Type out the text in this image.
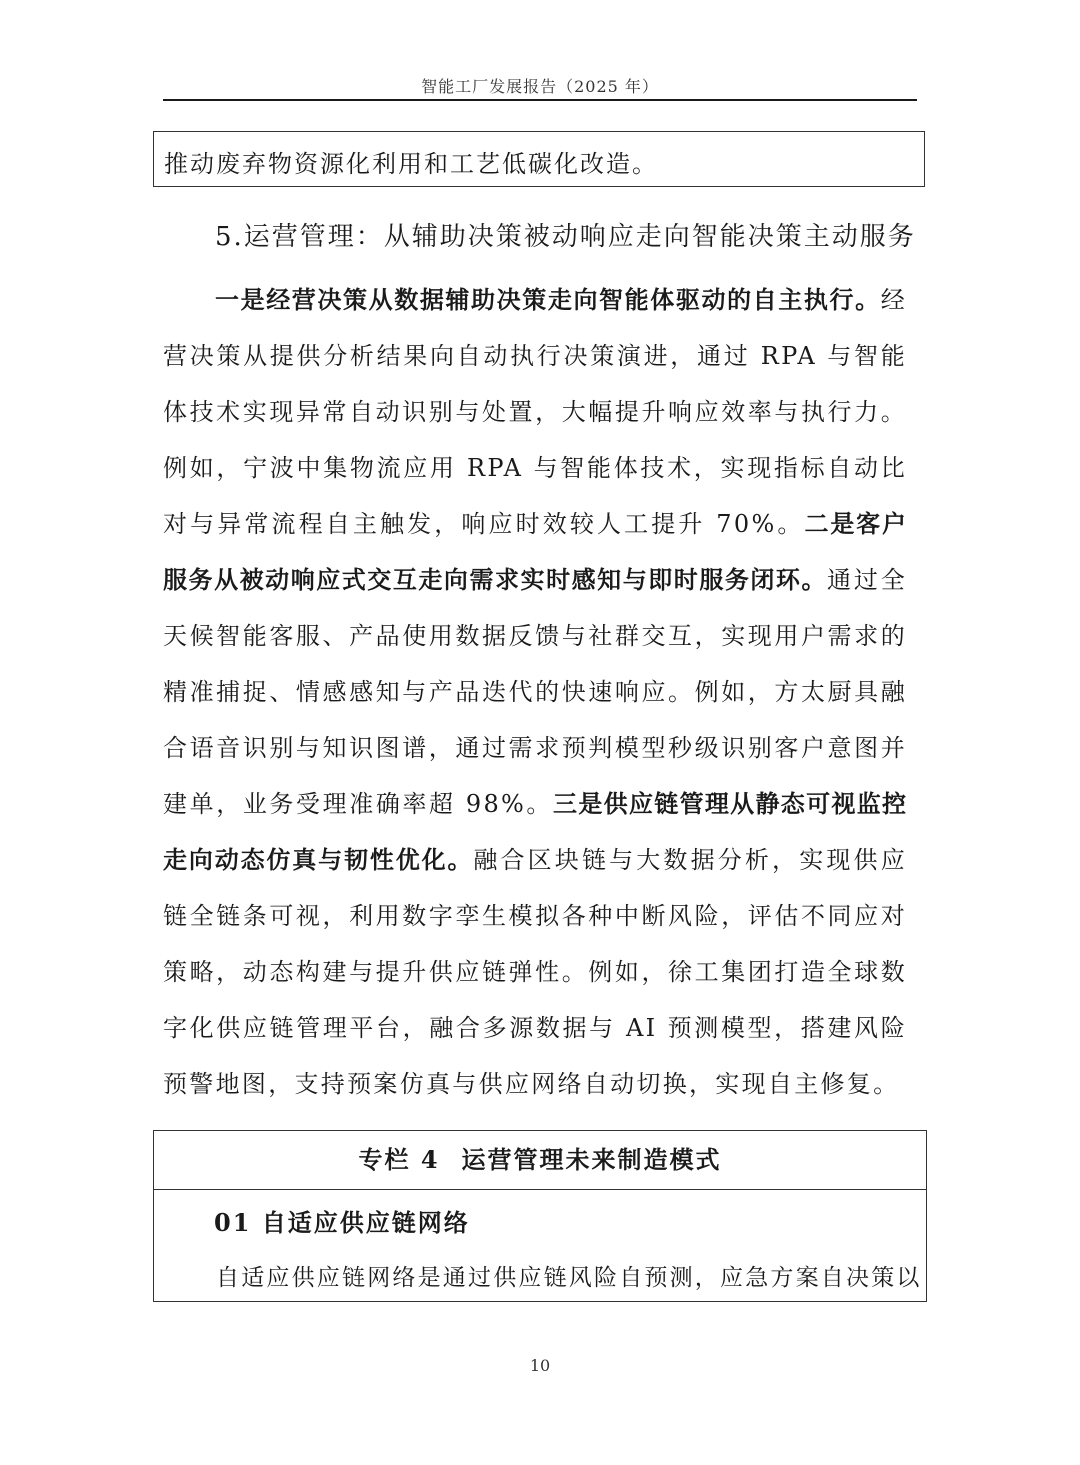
智能工厂发展报告（2025 年）
推动废弃物资源化利用和工艺低碳化改造。
5.运营管理：从辅助决策被动响应走向智能决策主动服务

一是经营决策从数据辅助决策走向智能体驱动的自主执行。经营决策从提供分析结果向自动执行决策演进，通过 RPA 与智能体技术实现异常自动识别与处置，大幅提升响应效率与执行力。例如，宁波中集物流应用 RPA 与智能体技术，实现指标自动比对与异常流程自主触发，响应时效较人工提升 70%。二是客户服务从被动响应式交互走向需求实时感知与即时服务闭环。通过全天候智能客服、产品使用数据反馈与社群交互，实现用户需求的精准捕捉、情感感知与产品迭代的快速响应。例如，方太厨具融合语音识别与知识图谱，通过需求预判模型秒级识别客户意图并建单，业务受理准确率超 98%。三是供应链管理从静态可视监控走向动态仿真与韧性优化。融合区块链与大数据分析，实现供应链全链条可视，利用数字孪生模拟各种中断风险，评估不同应对策略，动态构建与提升供应链弹性。例如，徐工集团打造全球数字化供应链管理平台，融合多源数据与 AI 预测模型，搭建风险预警地图，支持预案仿真与供应网络自动切换，实现自主修复。

专栏 4 运营管理未来制造模式
01 自适应供应链网络
自适应供应链网络是通过供应链风险自预测，应急方案自决策以
10
